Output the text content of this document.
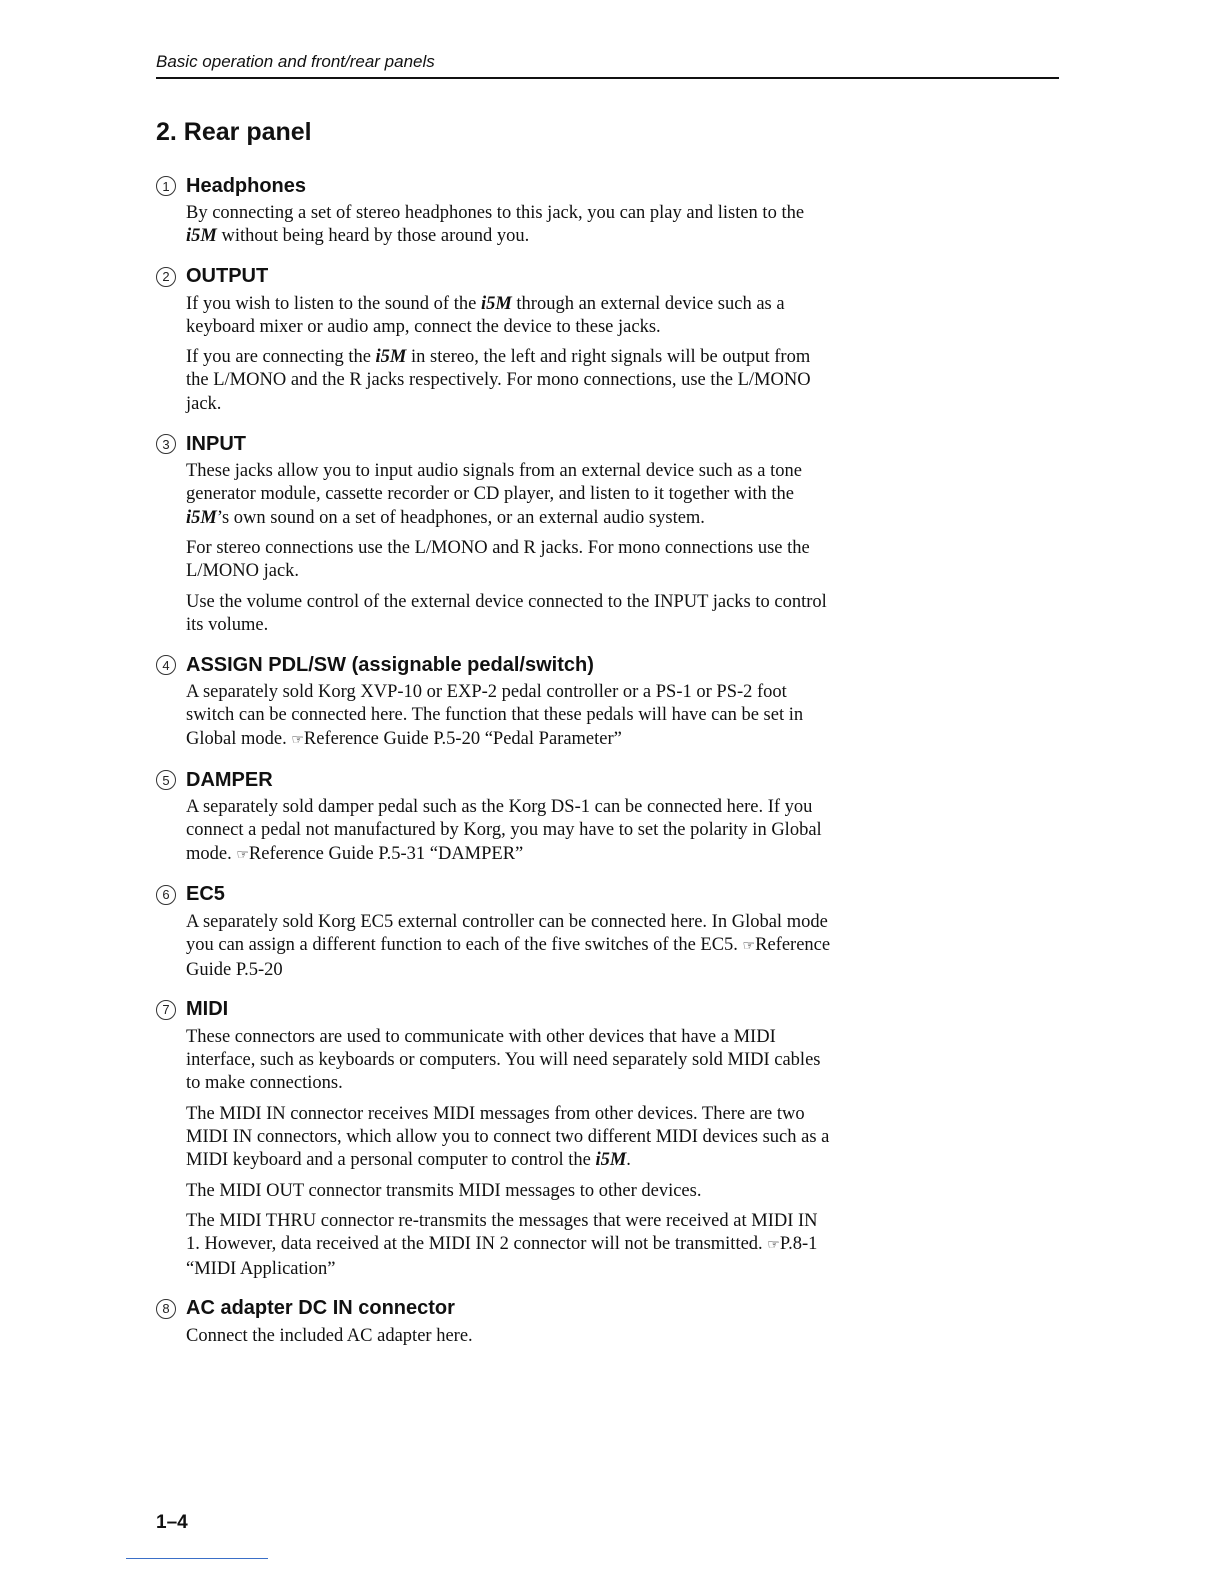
Basic operation and front/rear panels
2. Rear panel
1 Headphones

By connecting a set of stereo headphones to this jack, you can play and listen to the i5M without being heard by those around you.

2 OUTPUT

If you wish to listen to the sound of the i5M through an external device such as a keyboard mixer or audio amp, connect the device to these jacks.

If you are connecting the i5M in stereo, the left and right signals will be output from the L/MONO and the R jacks respectively. For mono connections, use the L/MONO jack.

3 INPUT

These jacks allow you to input audio signals from an external device such as a tone generator module, cassette recorder or CD player, and listen to it together with the i5M’s own sound on a set of headphones, or an external audio system.

For stereo connections use the L/MONO and R jacks. For mono connections use the L/MONO jack.

Use the volume control of the external device connected to the INPUT jacks to control its volume.

4 ASSIGN PDL/SW (assignable pedal/switch)

A separately sold Korg XVP-10 or EXP-2 pedal controller or a PS-1 or PS-2 foot switch can be connected here. The function that these pedals will have can be set in Global mode. ☞Reference Guide P.5-20 “Pedal Parameter”

5 DAMPER

A separately sold damper pedal such as the Korg DS-1 can be connected here. If you connect a pedal not manufactured by Korg, you may have to set the polarity in Global mode. ☞Reference Guide P.5-31 “DAMPER”

6 EC5

A separately sold Korg EC5 external controller can be connected here. In Global mode you can assign a different function to each of the five switches of the EC5. ☞Reference Guide P.5-20

7 MIDI

These connectors are used to communicate with other devices that have a MIDI interface, such as keyboards or computers. You will need separately sold MIDI cables to make connections.

The MIDI IN connector receives MIDI messages from other devices. There are two MIDI IN connectors, which allow you to connect two different MIDI devices such as a MIDI keyboard and a personal computer to control the i5M.

The MIDI OUT connector transmits MIDI messages to other devices.

The MIDI THRU connector re-transmits the messages that were received at MIDI IN 1. However, data received at the MIDI IN 2 connector will not be transmitted. ☞P.8-1 “MIDI Application”

8 AC adapter DC IN connector

Connect the included AC adapter here.

1–4
